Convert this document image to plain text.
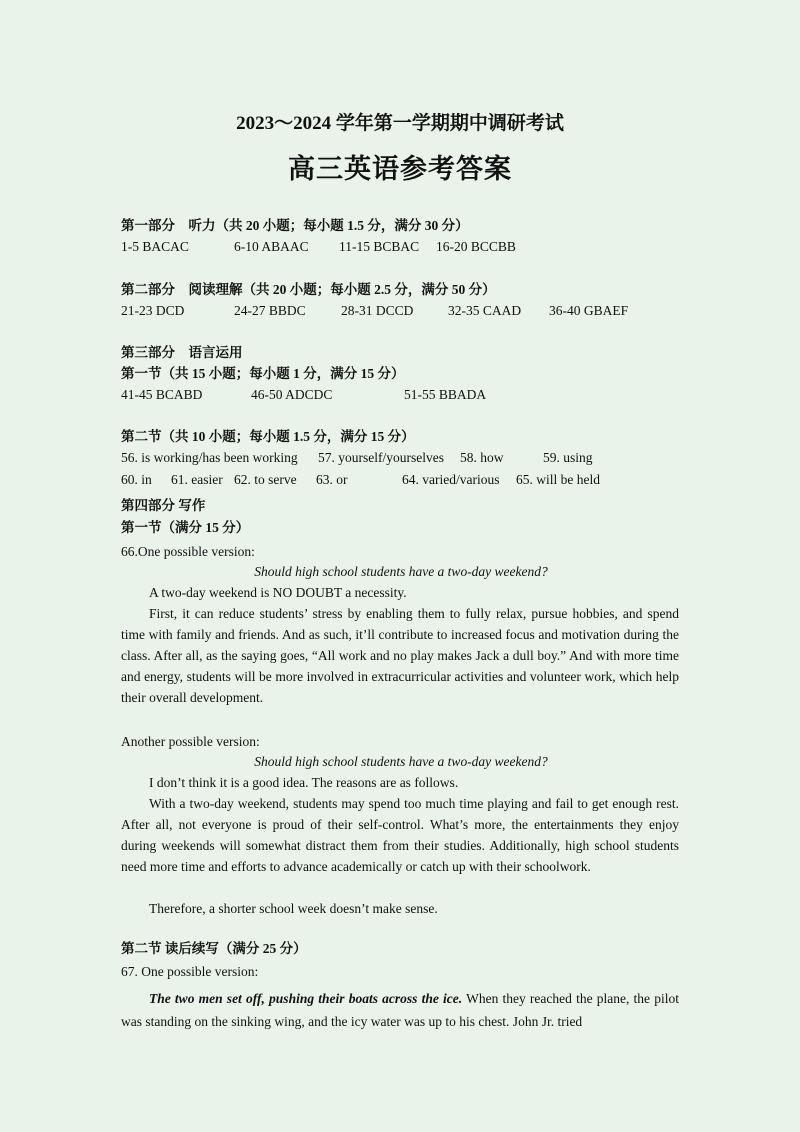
2023～2024 学年第一学期期中调研考试
高三英语参考答案
第一部分　听力（共 20 小题；每小题 1.5 分，满分 30 分）
1-5 BACAC	6-10 ABAAC 11-15 BCBAC 16-20 BCCBB
第二部分　阅读理解（共 20 小题；每小题 2.5 分，满分 50 分）
21-23 DCD	24-27 BBDC	28-31 DCCD	32-35 CAAD 36-40 GBAEF
第三部分　语言运用
第一节（共 15 小题；每小题 1 分，满分 15 分）
41-45 BCABD	46-50 ADCDC	51-55 BBADA
第二节（共 10 小题；每小题 1.5 分，满分 15 分）
56. is working/has been working 57. yourself/yourselves 58. how	59. using
60. in 61. easier 62. to serve 63. or	64. varied/various 65. will be held
第四部分 写作
第一节（满分 15 分）
66.One possible version:
Should high school students have a two-day weekend?
A two-day weekend is NO DOUBT a necessity.
First, it can reduce students’ stress by enabling them to fully relax, pursue hobbies, and spend time with family and friends. And as such, it’ll contribute to increased focus and motivation during the class. After all, as the saying goes, “All work and no play makes Jack a dull boy.” And with more time and energy, students will be more involved in extracurricular activities and volunteer work, which help their overall development.
Another possible version:
Should high school students have a two-day weekend?
I don’t think it is a good idea. The reasons are as follows.
With a two-day weekend, students may spend too much time playing and fail to get enough rest. After all, not everyone is proud of their self-control. What’s more, the entertainments they enjoy during weekends will somewhat distract them from their studies. Additionally, high school students need more time and efforts to advance academically or catch up with their schoolwork.
Therefore, a shorter school week doesn’t make sense.
第二节 读后续写（满分 25 分）
67. One possible version:
The two men set off, pushing their boats across the ice. When they reached the plane, the pilot was standing on the sinking wing, and the icy water was up to his chest. John Jr. tried
